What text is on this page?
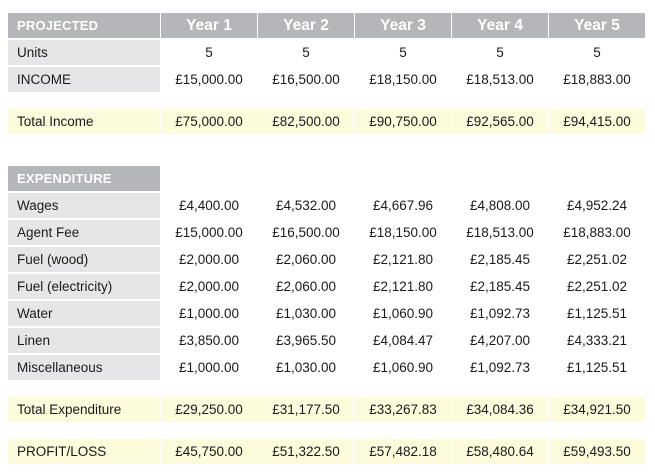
PROJECTED	Year 1	Year 2	Year 3	Year 4	Year 5
Units	5	5	5	5	5
INCOME	£15,000.00	£16,500.00	£18,150.00	£18,513.00	£18,883.00
Total Income	£75,000.00	£82,500.00	£90,750.00	£92,565.00	£94,415.00
EXPENDITURE
Wages	£4,400.00	£4,532.00	£4,667.96	£4,808.00	£4,952.24
Agent Fee	£15,000.00	£16,500.00	£18,150.00	£18,513.00	£18,883.00
Fuel (wood)	£2,000.00	£2,060.00	£2,121.80	£2,185.45	£2,251.02
Fuel (electricity)	£2,000.00	£2,060.00	£2,121.80	£2,185.45	£2,251.02
Water	£1,000.00	£1,030.00	£1,060.90	£1,092.73	£1,125.51
Linen	£3,850.00	£3,965.50	£4,084.47	£4,207.00	£4,333.21
Miscellaneous	£1,000.00	£1,030.00	£1,060.90	£1,092.73	£1,125.51
Total Expenditure	£29,250.00	£31,177.50	£33,267.83	£34,084.36	£34,921.50
PROFIT/LOSS	£45,750.00	£51,322.50	£57,482.18	£58,480.64	£59,493.50
